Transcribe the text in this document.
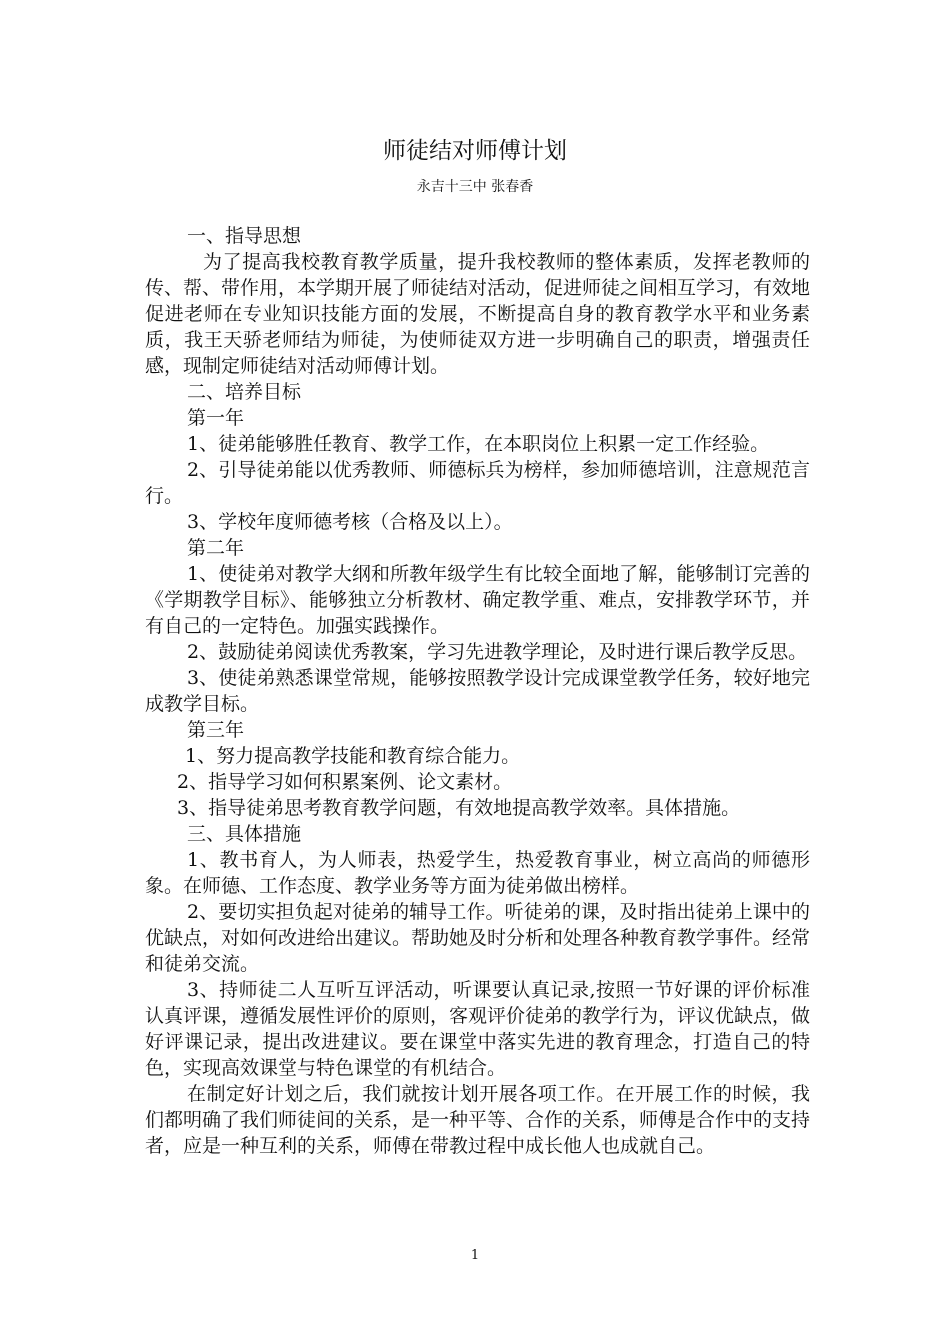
师徒结对师傅计划
永吉十三中 张春香

一、指导思想

为了提高我校教育教学质量，提升我校教师的整体素质，发挥老教师的传、帮、带作用，本学期开展了师徒结对活动，促进师徒之间相互学习，有效地促进老师在专业知识技能方面的发展，不断提高自身的教育教学水平和业务素质，我王天骄老师结为师徒，为使师徒双方进一步明确自己的职责，增强责任感，现制定师徒结对活动师傅计划。

二、培养目标

第一年

1、徒弟能够胜任教育、教学工作，在本职岗位上积累一定工作经验。

2、引导徒弟能以优秀教师、师德标兵为榜样，参加师德培训，注意规范言行。

3、学校年度师德考核（合格及以上）。

第二年

1、使徒弟对教学大纲和所教年级学生有比较全面地了解，能够制订完善的《学期教学目标》、能够独立分析教材、确定教学重、难点，安排教学环节，并有自己的一定特色。加强实践操作。

2、鼓励徒弟阅读优秀教案，学习先进教学理论，及时进行课后教学反思。

3、使徒弟熟悉课堂常规，能够按照教学设计完成课堂教学任务，较好地完成教学目标。

第三年

1、努力提高教学技能和教育综合能力。

2、指导学习如何积累案例、论文素材。

3、指导徒弟思考教育教学问题，有效地提高教学效率。具体措施。

三、具体措施

1、教书育人，为人师表，热爱学生，热爱教育事业，树立高尚的师德形象。在师德、工作态度、教学业务等方面为徒弟做出榜样。

2、要切实担负起对徒弟的辅导工作。听徒弟的课，及时指出徒弟上课中的优缺点，对如何改进给出建议。帮助她及时分析和处理各种教育教学事件。经常和徒弟交流。

3、持师徒二人互听互评活动，听课要认真记录,按照一节好课的评价标准认真评课，遵循发展性评价的原则，客观评价徒弟的教学行为，评议优缺点，做好评课记录，提出改进建议。要在课堂中落实先进的教育理念，打造自己的特色，实现高效课堂与特色课堂的有机结合。

在制定好计划之后，我们就按计划开展各项工作。在开展工作的时候，我们都明确了我们师徒间的关系，是一种平等、合作的关系，师傅是合作中的支持者，应是一种互利的关系，师傅在带教过程中成长他人也成就自己。

1
